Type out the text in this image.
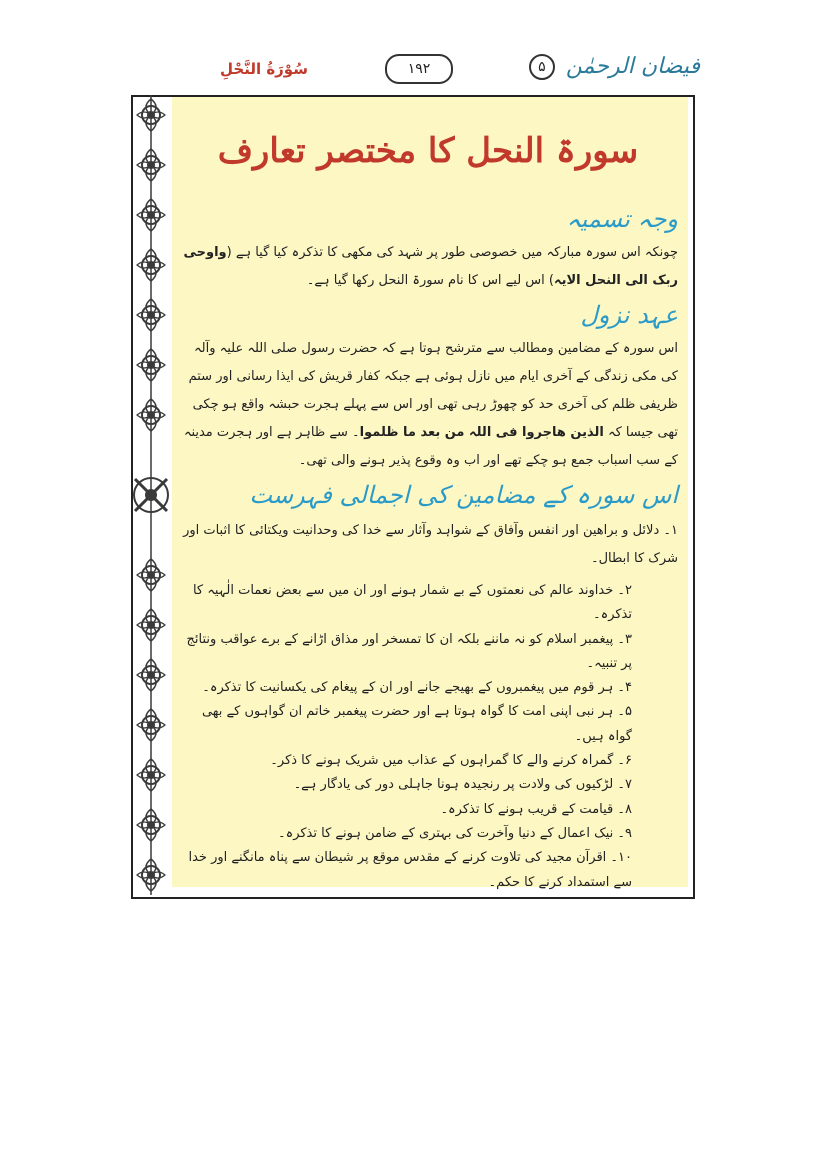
فیضان الرحمٰن ۵
۱۹۲
سُوْرَةُ النَّحْلِ
سورۃ النحل کا مختصر تعارف
وجہ تسمیہ

چونکہ اس سورہ مبارکہ میں خصوصی طور پر شہد کی مکھی کا تذکرہ کیا گیا ہے (واوحی ربک الی النحل الایہ) اس لیے اس کا نام سورۃ النحل رکھا گیا ہے۔

عہد نزول

اس سورہ کے مضامین ومطالب سے مترشح ہوتا ہے کہ حضرت رسول صلی اللہ علیہ وآلہ کی مکی زندگی کے آخری ایام میں نازل ہوئی ہے جبکہ کفار قریش کی ایذا رسانی اور ستم ظریفی ظلم کی آخری حد کو چھوڑ رہی تھی اور اس سے پہلے ہجرت حبشہ واقع ہو چکی تھی جیسا کہ الذین ھاجروا فی اللہ من بعد ما ظلموا۔ سے ظاہر ہے اور ہجرت مدینہ کے سب اسباب جمع ہو چکے تھے اور اب وہ وقوع پذیر ہونے والی تھی۔

اس سورہ کے مضامین کی اجمالی فہرست

۱۔ دلائل و براھین اور انفس وآفاق کے شواہد وآثار سے خدا کی وحدانیت ویکتائی کا اثبات اور شرک کا ابطال۔

۲۔ خداوند عالم کی نعمتوں کے بے شمار ہونے اور ان میں سے بعض نعمات الٰہیہ کا تذکرہ۔
۳۔ پیغمبر اسلام کو نہ ماننے بلکہ ان کا تمسخر اور مذاق اڑانے کے برے عواقب ونتائج پر تنبیہ۔
۴۔ ہر قوم میں پیغمبروں کے بھیجے جانے اور ان کے پیغام کی یکسانیت کا تذکرہ۔
۵۔ ہر نبی اپنی امت کا گواہ ہوتا ہے اور حضرت پیغمبر خاتم ان گواہوں کے بھی گواہ ہیں۔
۶۔ گمراہ کرنے والے کا گمراہوں کے عذاب میں شریک ہونے کا ذکر۔
۷۔ لڑکیوں کی ولادت پر رنجیدہ ہونا جاہلی دور کی یادگار ہے۔
۸۔ قیامت کے قریب ہونے کا تذکرہ۔
۹۔ نیک اعمال کے دنیا وآخرت کی بہتری کے ضامن ہونے کا تذکرہ۔
۱۰۔ اقرآن مجید کی تلاوت کرنے کے مقدس موقع پر شیطان سے پناہ مانگنے اور خدا سے استمداد کرنے کا حکم۔
